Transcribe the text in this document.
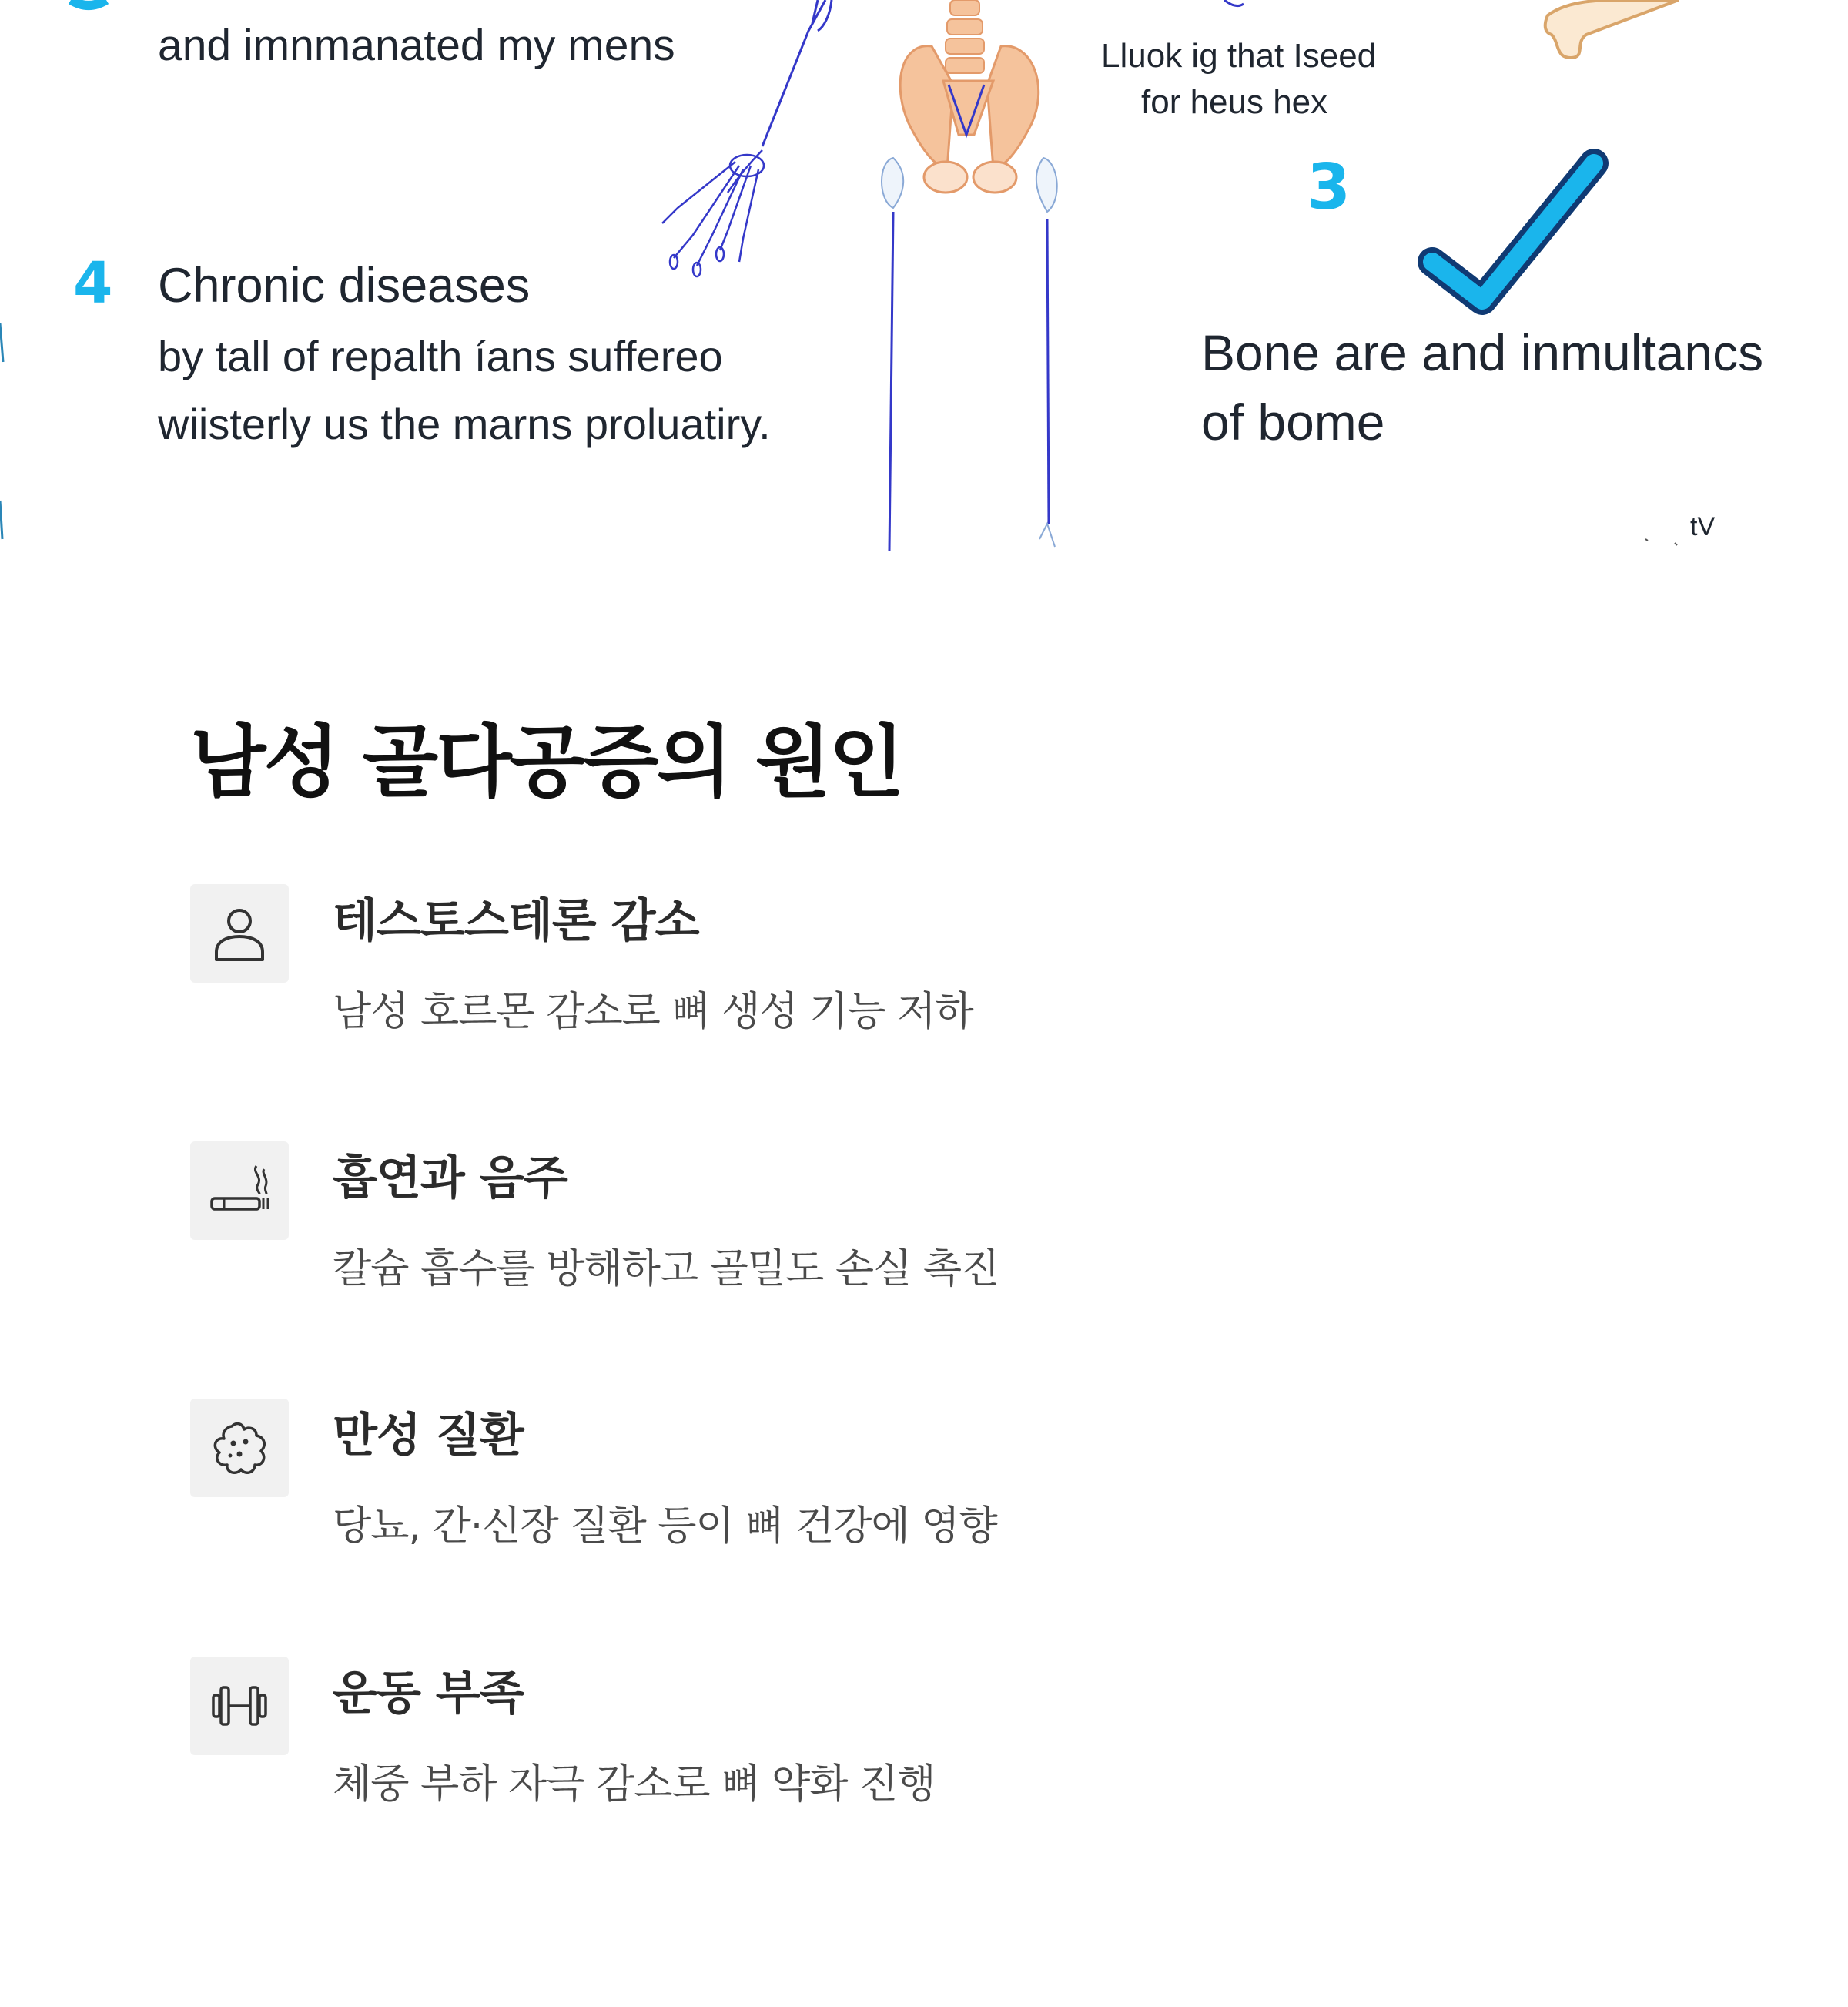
and imnmanated my mens
4 Chronic diseases
by tall of repalth íans suffereo
wiisterly us the marns proluatiry.
Lluok ig that Iseed
for heus hex
3
Bone are and inmultancs
of bome
tV
남성 골다공증의 원인
테스토스테론 감소

남성 호르몬 감소로 뼈 생성 기능 저하

흡연과 음주

칼슘 흡수를 방해하고 골밀도 손실 촉진

만성 질환

당뇨, 간·신장 질환 등이 뼈 건강에 영향

운동 부족

체중 부하 자극 감소로 뼈 약화 진행
